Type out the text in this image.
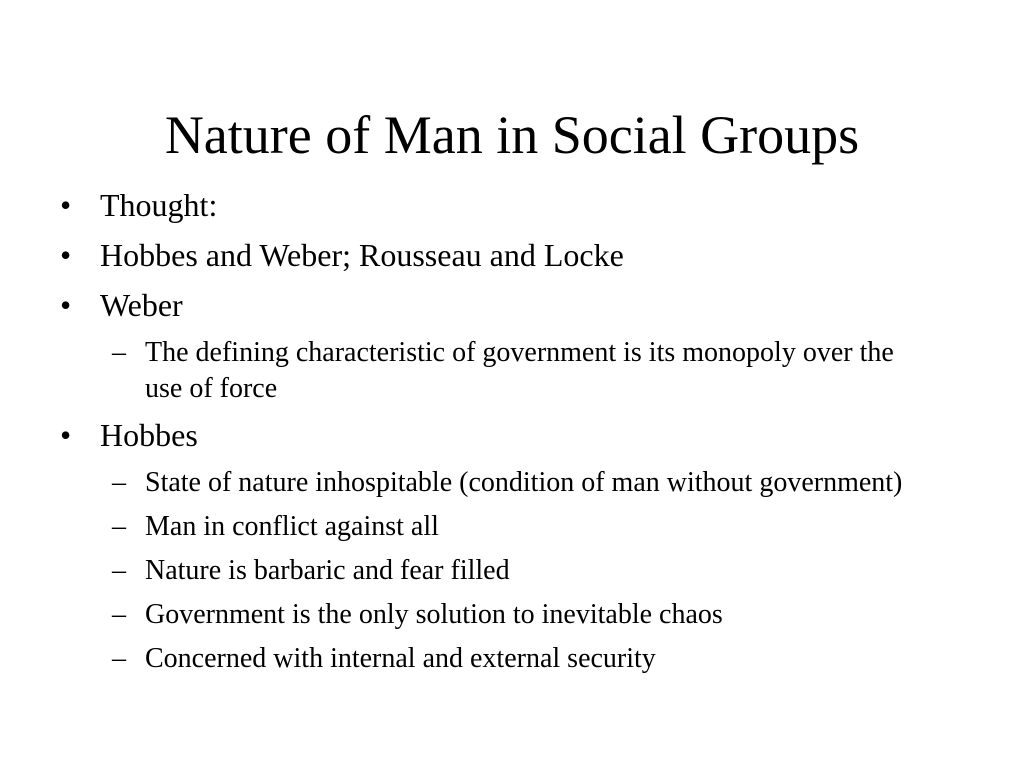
Nature of Man in Social Groups
• Thought:
• Hobbes and Weber; Rousseau and Locke
• Weber
– The defining characteristic of government is its monopoly over the use of force
• Hobbes
– State of nature inhospitable (condition of man without government)
– Man in conflict against all
– Nature is barbaric and fear filled
– Government is the only solution to inevitable chaos
– Concerned with internal and external security
